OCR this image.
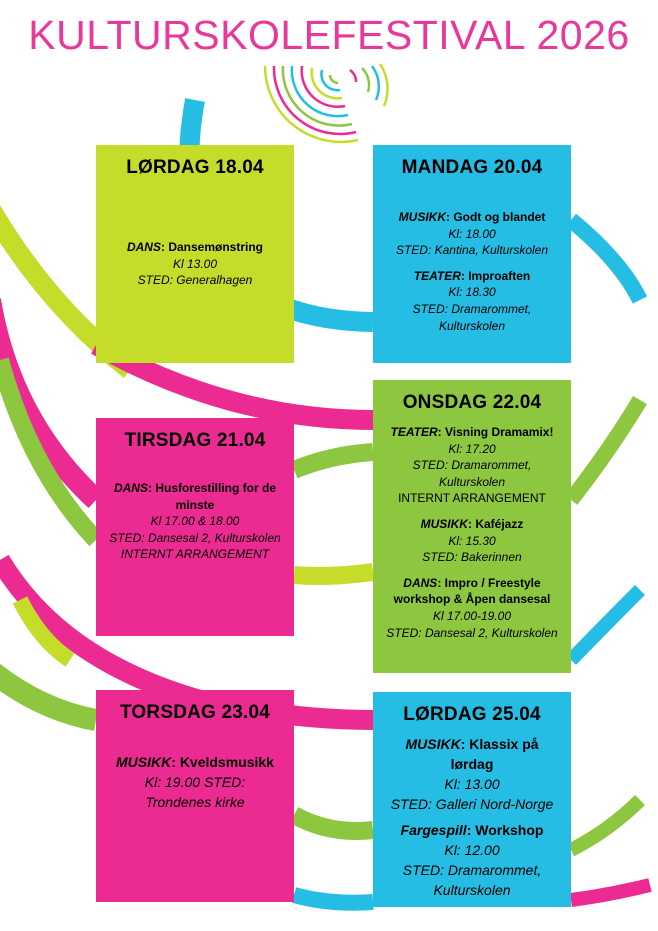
KULTURSKOLEFESTIVAL 2026
LØRDAG 18.04
DANS: Dansemønstring
Kl 13.00
STED: Generalhagen
MANDAG 20.04
MUSIKK: Godt og blandet
Kl: 18.00
STED: Kantina, Kulturskolen
TEATER: Improaften
Kl: 18.30
STED: Dramarommet, Kulturskolen
ONSDAG 22.04
TEATER: Visning Dramamix!
Kl: 17.20
STED: Dramarommet, Kulturskolen
INTERNT ARRANGEMENT
MUSIKK: Kaféjazz
Kl: 15.30
STED: Bakerinnen
DANS: Impro / Freestyle workshop & Åpen dansesal
Kl 17.00-19.00
STED: Dansesal 2, Kulturskolen
TIRSDAG 21.04
DANS: Husforestilling for de minste
Kl 17.00 & 18.00
STED: Dansesal 2, Kulturskolen
INTERNT ARRANGEMENT
TORSDAG 23.04
MUSIKK: Kveldsmusikk
Kl: 19.00 STED: Trondenes kirke
LØRDAG 25.04
MUSIKK: Klassix på lørdag
Kl: 13.00
STED: Galleri Nord-Norge
Fargespill: Workshop
Kl: 12.00
STED: Dramarommet, Kulturskolen
